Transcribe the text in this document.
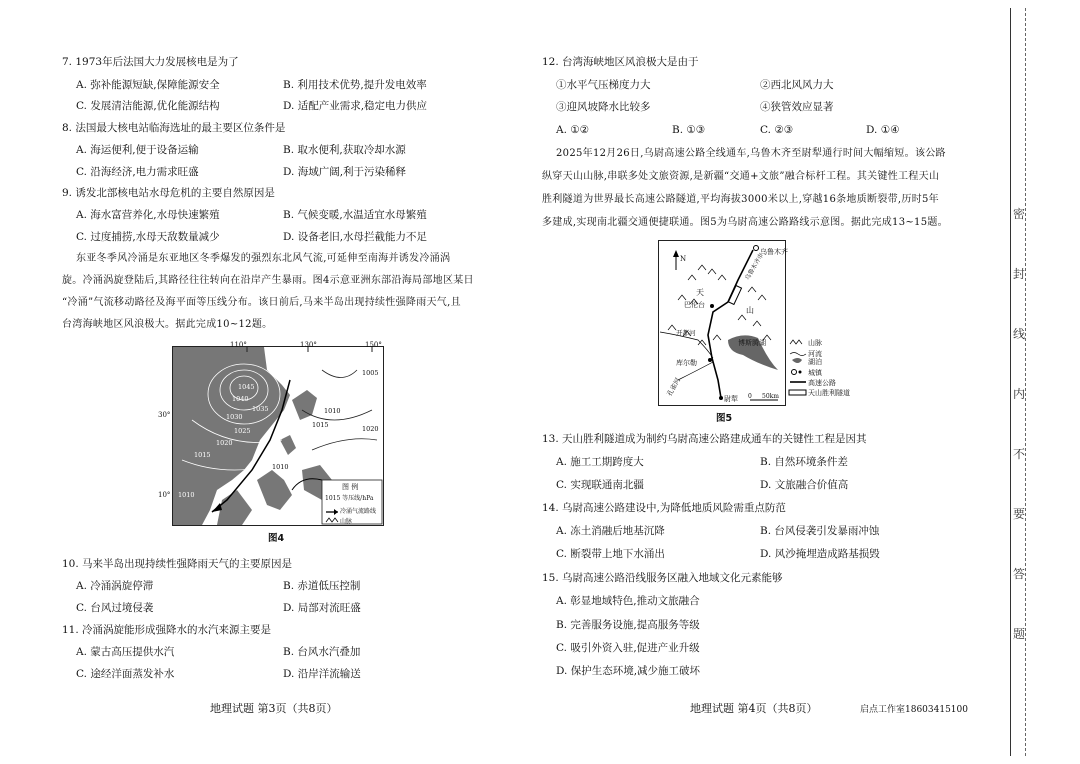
7. 1973年后法国大力发展核电是为了
A. 弥补能源短缺,保障能源安全	B. 利用技术优势,提升发电效率
C. 发展清洁能源,优化能源结构	D. 适配产业需求,稳定电力供应
8. 法国最大核电站临海选址的最主要区位条件是
A. 海运便利,便于设备运输	B. 取水便利,获取冷却水源
C. 沿海经济,电力需求旺盛	D. 海域广阔,利于污染稀释
9. 诱发北部核电站水母危机的主要自然原因是
A. 海水富营养化,水母快速繁殖	B. 气候变暖,水温适宜水母繁殖
C. 过度捕捞,水母天敌数量减少	D. 设备老旧,水母拦截能力不足
东亚冬季风冷涌是东亚地区冬季爆发的强烈东北风气流,可延伸至南海并诱发冷涌涡
旋。冷涌涡旋登陆后,其路径往往转向在沿岸产生暴雨。图4示意亚洲东部沿海局部地区某日
“冷涌”气流移动路径及海平面等压线分布。该日前后,马来半岛出现持续性强降雨天气,且
台湾海峡地区风浪极大。据此完成10~12题。
110°	130°	150°
30°
10°
1045
1040
1035
1030
1025
1020
1015
1010
1015
1010
1005
1020
1010
图 例
1015 等压线/hPa
冷涌气流路线
山脉
图4
10. 马来半岛出现持续性强降雨天气的主要原因是
A. 冷涌涡旋停滞	B. 赤道低压控制
C. 台风过境侵袭	D. 局部对流旺盛
11. 冷涌涡旋能形成强降水的水汽来源主要是
A. 蒙古高压提供水汽	B. 台风水汽叠加
C. 途经洋面蒸发补水	D. 沿岸洋流输送
地理试题 第3页（共8页）
12. 台湾海峡地区风浪极大是由于
①水平气压梯度力大	②西北风风力大
③迎风坡降水比较多	④狭管效应显著
A. ①②	B. ①③	C. ②③	D. ①④
2025年12月26日,乌尉高速公路全线通车,乌鲁木齐至尉犁通行时间大幅缩短。该公路
纵穿天山山脉,串联多处文旅资源,是新疆“交通+文旅”融合标杆工程。其关键性工程天山
胜利隧道为世界最长高速公路隧道,平均海拔3000米以上,穿越16条地质断裂带,历时5年
多建成,实现南北疆交通便捷联通。图5为乌尉高速公路路线示意图。据此完成13~15题。
N
乌鲁木齐
乌鲁木齐市
天
山
巴伦台
开都河
博斯腾湖
库尔勒
孔雀河
尉犁 0 50km
山脉
河流
湖泊
城镇
高速公路
天山胜利隧道
图5
13. 天山胜利隧道成为制约乌尉高速公路建成通车的关键性工程是因其
A. 施工工期跨度大	B. 自然环境条件差
C. 实现联通南北疆	D. 文旅融合价值高
14. 乌尉高速公路建设中,为降低地质风险需重点防范
A. 冻土消融后地基沉降	B. 台风侵袭引发暴雨冲蚀
C. 断裂带上地下水涌出	D. 风沙掩埋造成路基损毁
15. 乌尉高速公路沿线服务区融入地域文化元素能够
A. 彰显地域特色,推动文旅融合
B. 完善服务设施,提高服务等级
C. 吸引外资入驻,促进产业升级
D. 保护生态环境,减少施工破坏
地理试题 第4页（共8页）	启点工作室18603415100
密
封
线
内
不
要
答
题
